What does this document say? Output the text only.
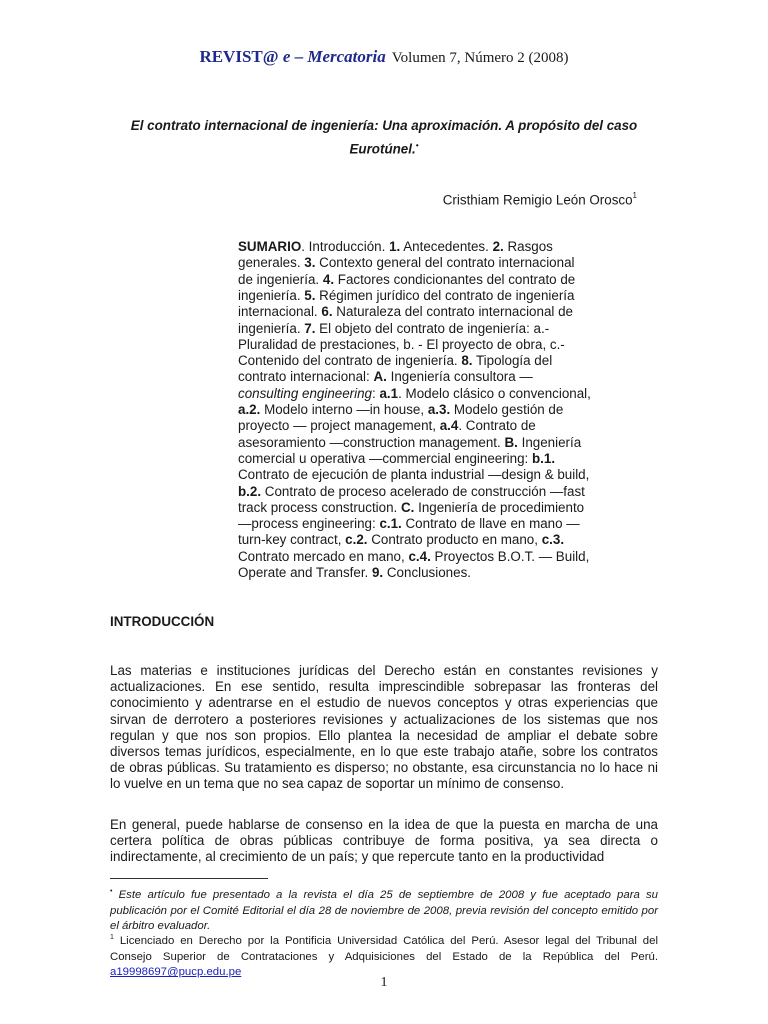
REVIST@ e – Mercatoria Volumen 7, Número 2 (2008)
El contrato internacional de ingeniería: Una aproximación. A propósito del caso Eurotúnel.•
Cristhiam Remigio León Orosco$^1$

SUMARIO. Introducción. 1. Antecedentes. 2. Rasgos

generales. 3. Contexto general del contrato internacional

de ingeniería. 4. Factores condicionantes del contrato de

ingeniería. 5. Régimen jurídico del contrato de ingeniería

internacional. 6. Naturaleza del contrato internacional de

ingeniería. 7. El objeto del contrato de ingeniería: a.-

Pluralidad de prestaciones, b. - El proyecto de obra, c.-

Contenido del contrato de ingeniería. 8. Tipología del

contrato internacional: A. Ingeniería consultora —

consulting engineering: a.1. Modelo clásico o convencional,

a.2. Modelo interno —in house, a.3. Modelo gestión de

proyecto — project management, a.4. Contrato de

asesoramiento —construction management. B. Ingeniería

comercial u operativa —commercial engineering: b.1.

Contrato de ejecución de planta industrial —design & build,

b.2. Contrato de proceso acelerado de construcción —fast

track process construction. C. Ingeniería de procedimiento

—process engineering: c.1. Contrato de llave en mano —

turn-key contract, c.2. Contrato producto en mano, c.3.

Contrato mercado en mano, c.4. Proyectos B.O.T. — Build,

Operate and Transfer. 9. Conclusiones.

INTRODUCCIÓN

Las materias e instituciones jurídicas del Derecho están en constantes revisiones y actualizaciones. En ese sentido, resulta imprescindible sobrepasar las fronteras del conocimiento y adentrarse en el estudio de nuevos conceptos y otras experiencias que sirvan de derrotero a posteriores revisiones y actualizaciones de los sistemas que nos regulan y que nos son propios. Ello plantea la necesidad de ampliar el debate sobre diversos temas jurídicos, especialmente, en lo que este trabajo atañe, sobre los contratos de obras públicas. Su tratamiento es disperso; no obstante, esa circunstancia no lo hace ni lo vuelve en un tema que no sea capaz de soportar un mínimo de consenso.

En general, puede hablarse de consenso en la idea de que la puesta en marcha de una certera política de obras públicas contribuye de forma positiva, ya sea directa o indirectamente, al crecimiento de un país; y que repercute tanto en la productividad

• Este artículo fue presentado a la revista el día 25 de septiembre de 2008 y fue aceptado para su publicación por el Comité Editorial el día 28 de noviembre de 2008, previa revisión del concepto emitido por el árbitro evaluador.

$^1$ Licenciado en Derecho por la Pontificia Universidad Católica del Perú. Asesor legal del Tribunal del Consejo Superior de Contrataciones y Adquisiciones del Estado de la República del Perú. a19998697@pucp.edu.pe

1
